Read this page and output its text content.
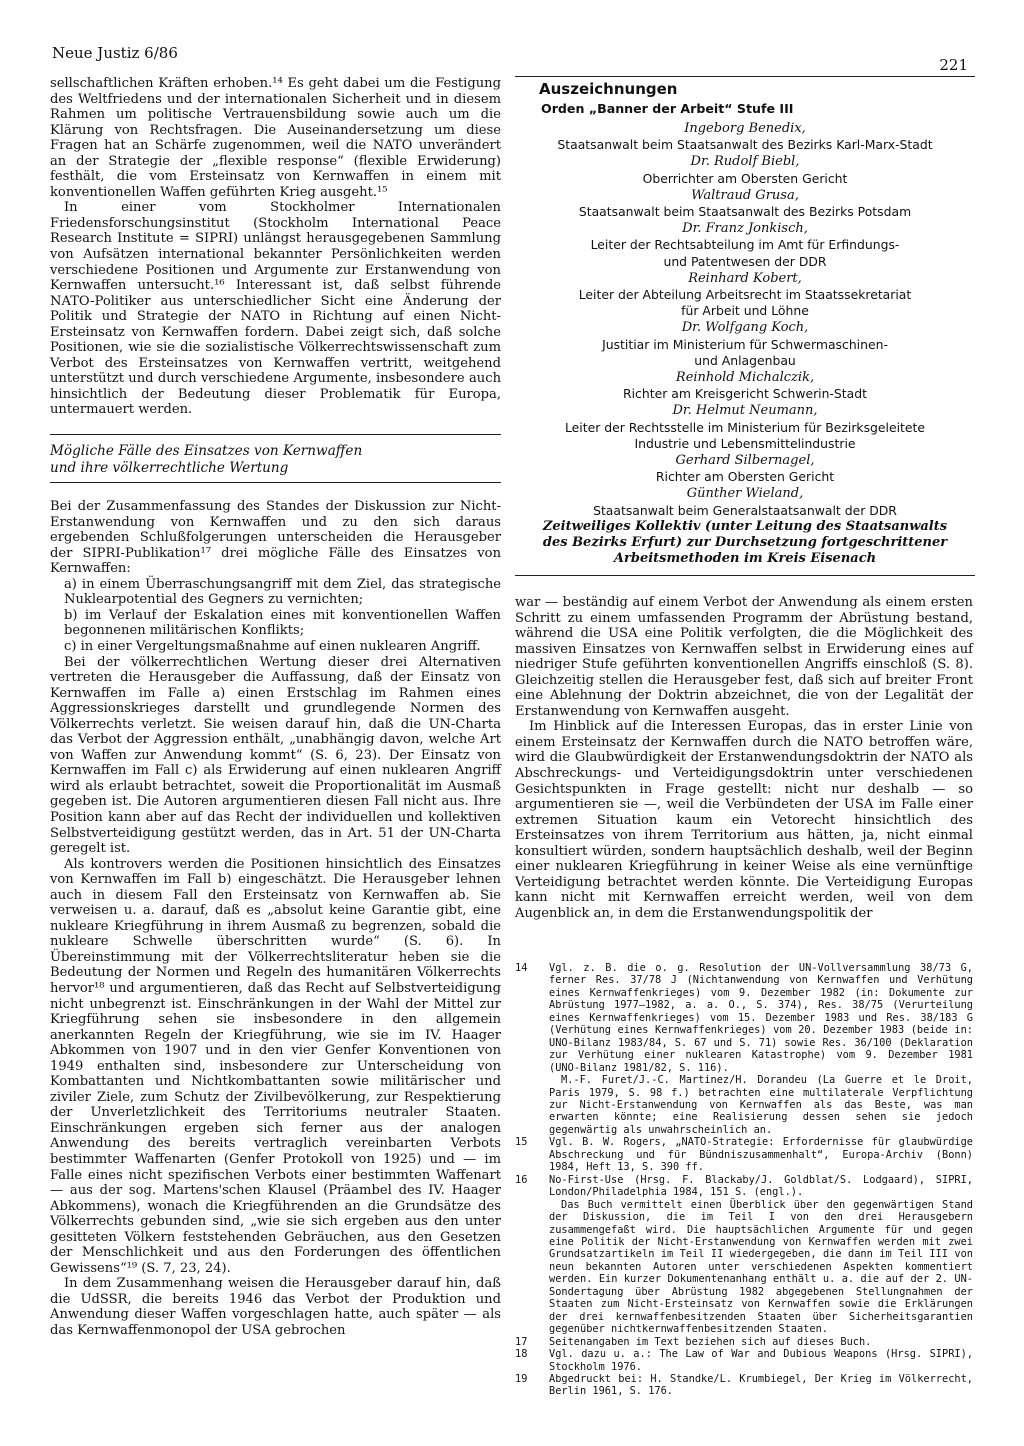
Neue Justiz 6/86
221

sellschaftlichen Kräften erhoben.¹⁴ Es geht dabei um die Festigung des Weltfriedens und der internationalen Sicherheit und in diesem Rahmen um politische Vertrauensbildung sowie auch um die Klärung von Rechtsfragen. Die Auseinandersetzung um diese Fragen hat an Schärfe zugenommen, weil die NATO unverändert an der Strategie der „flexible response“ (flexible Erwiderung) festhält, die vom Ersteinsatz von Kernwaffen in einem mit konventionellen Waffen geführten Krieg ausgeht.¹⁵

In einer vom Stockholmer Internationalen Friedensforschungsinstitut (Stockholm International Peace Research Institute = SIPRI) unlängst herausgegebenen Sammlung von Aufsätzen international bekannter Persönlichkeiten werden verschiedene Positionen und Argumente zur Erstanwendung von Kernwaffen untersucht.¹⁶ Interessant ist, daß selbst führende NATO-Politiker aus unterschiedlicher Sicht eine Änderung der Politik und Strategie der NATO in Richtung auf einen Nicht-Ersteinsatz von Kernwaffen fordern. Dabei zeigt sich, daß solche Positionen, wie sie die sozialistische Völkerrechtswissenschaft zum Verbot des Ersteinsatzes von Kernwaffen vertritt, weitgehend unterstützt und durch verschiedene Argumente, insbesondere auch hinsichtlich der Bedeutung dieser Problematik für Europa, untermauert werden.

Mögliche Fälle des Einsatzes von Kernwaffen
und ihre völkerrechtliche Wertung

Bei der Zusammenfassung des Standes der Diskussion zur Nicht-Erstanwendung von Kernwaffen und zu den sich daraus ergebenden Schlußfolgerungen unterscheiden die Herausgeber der SIPRI-Publikation¹⁷ drei mögliche Fälle des Einsatzes von Kernwaffen:

a) in einem Überraschungsangriff mit dem Ziel, das strategische Nuklearpotential des Gegners zu vernichten;

b) im Verlauf der Eskalation eines mit konventionellen Waffen begonnenen militärischen Konflikts;

c) in einer Vergeltungsmaßnahme auf einen nuklearen Angriff.

Bei der völkerrechtlichen Wertung dieser drei Alternativen vertreten die Herausgeber die Auffassung, daß der Einsatz von Kernwaffen im Falle a) einen Erstschlag im Rahmen eines Aggressionskrieges darstellt und grundlegende Normen des Völkerrechts verletzt. Sie weisen darauf hin, daß die UN-Charta das Verbot der Aggression enthält, „unabhängig davon, welche Art von Waffen zur Anwendung kommt“ (S. 6, 23). Der Einsatz von Kernwaffen im Fall c) als Erwiderung auf einen nuklearen Angriff wird als erlaubt betrachtet, soweit die Proportionalität im Ausmaß gegeben ist. Die Autoren argumentieren diesen Fall nicht aus. Ihre Position kann aber auf das Recht der individuellen und kollektiven Selbstverteidigung gestützt werden, das in Art. 51 der UN-Charta geregelt ist.

Als kontrovers werden die Positionen hinsichtlich des Einsatzes von Kernwaffen im Fall b) eingeschätzt. Die Herausgeber lehnen auch in diesem Fall den Ersteinsatz von Kernwaffen ab. Sie verweisen u. a. darauf, daß es „absolut keine Garantie gibt, eine nukleare Kriegführung in ihrem Ausmaß zu begrenzen, sobald die nukleare Schwelle überschritten wurde“ (S. 6). In Übereinstimmung mit der Völkerrechtsliteratur heben sie die Bedeutung der Normen und Regeln des humanitären Völkerrechts hervor¹⁸ und argumentieren, daß das Recht auf Selbstverteidigung nicht unbegrenzt ist. Einschränkungen in der Wahl der Mittel zur Kriegführung sehen sie insbesondere in den allgemein anerkannten Regeln der Kriegführung, wie sie im IV. Haager Abkommen von 1907 und in den vier Genfer Konventionen von 1949 enthalten sind, insbesondere zur Unterscheidung von Kombattanten und Nichtkombattanten sowie militärischer und ziviler Ziele, zum Schutz der Zivilbevölkerung, zur Respektierung der Unverletzlichkeit des Territoriums neutraler Staaten. Einschränkungen ergeben sich ferner aus der analogen Anwendung des bereits vertraglich vereinbarten Verbots bestimmter Waffenarten (Genfer Protokoll von 1925) und — im Falle eines nicht spezifischen Verbots einer bestimmten Waffenart — aus der sog. Martens'schen Klausel (Präambel des IV. Haager Abkommens), wonach die Kriegführenden an die Grundsätze des Völkerrechts gebunden sind, „wie sie sich ergeben aus den unter gesitteten Völkern feststehenden Gebräuchen, aus den Gesetzen der Menschlichkeit und aus den Forderungen des öffentlichen Gewissens“¹⁹ (S. 7, 23, 24).

In dem Zusammenhang weisen die Herausgeber darauf hin, daß die UdSSR, die bereits 1946 das Verbot der Produktion und Anwendung dieser Waffen vorgeschlagen hatte, auch später — als das Kernwaffenmonopol der USA gebrochen

Auszeichnungen
Orden „Banner der Arbeit“ Stufe III
Ingeborg Benedix,
Staatsanwalt beim Staatsanwalt des Bezirks Karl-Marx-Stadt
Dr. Rudolf Biebl,
Oberrichter am Obersten Gericht
Waltraud Grusa,
Staatsanwalt beim Staatsanwalt des Bezirks Potsdam
Dr. Franz Jonkisch,
Leiter der Rechtsabteilung im Amt für Erfindungs-
und Patentwesen der DDR
Reinhard Kobert,
Leiter der Abteilung Arbeitsrecht im Staatssekretariat
für Arbeit und Löhne
Dr. Wolfgang Koch,
Justitiar im Ministerium für Schwermaschinen-
und Anlagenbau
Reinhold Michalczik,
Richter am Kreisgericht Schwerin-Stadt
Dr. Helmut Neumann,
Leiter der Rechtsstelle im Ministerium für Bezirksgeleitete
Industrie und Lebensmittelindustrie
Gerhard Silbernagel,
Richter am Obersten Gericht
Günther Wieland,
Staatsanwalt beim Generalstaatsanwalt der DDR
Zeitweiliges Kollektiv (unter Leitung des Staatsanwalts des Bezirks Erfurt) zur Durchsetzung fortgeschrittener Arbeitsmethoden im Kreis Eisenach

war — beständig auf einem Verbot der Anwendung als einem ersten Schritt zu einem umfassenden Programm der Abrüstung bestand, während die USA eine Politik verfolgten, die die Möglichkeit des massiven Einsatzes von Kernwaffen selbst in Erwiderung eines auf niedriger Stufe geführten konventionellen Angriffs einschloß (S. 8). Gleichzeitig stellen die Herausgeber fest, daß sich auf breiter Front eine Ablehnung der Doktrin abzeichnet, die von der Legalität der Erstanwendung von Kernwaffen ausgeht.

Im Hinblick auf die Interessen Europas, das in erster Linie von einem Ersteinsatz der Kernwaffen durch die NATO betroffen wäre, wird die Glaubwürdigkeit der Erstanwendungsdoktrin der NATO als Abschreckungs- und Verteidigungsdoktrin unter verschiedenen Gesichtspunkten in Frage gestellt: nicht nur deshalb — so argumentieren sie —, weil die Verbündeten der USA im Falle einer extremen Situation kaum ein Vetorecht hinsichtlich des Ersteinsatzes von ihrem Territorium aus hätten, ja, nicht einmal konsultiert würden, sondern hauptsächlich deshalb, weil der Beginn einer nuklearen Kriegführung in keiner Weise als eine vernünftige Verteidigung betrachtet werden könnte. Die Verteidigung Europas kann nicht mit Kernwaffen erreicht werden, weil von dem Augenblick an, in dem die Erstanwendungspolitik der

14 Vgl. z. B. die o. g. Resolution der UN-Vollversammlung 38/73 G, ferner Res. 37/78 J (Nichtanwendung von Kernwaffen und Verhütung eines Kernwaffenkrieges) vom 9. Dezember 1982 (in: Dokumente zur Abrüstung 1977—1982, a. a. O., S. 374), Res. 38/75 (Verurteilung eines Kernwaffenkrieges) vom 15. Dezember 1983 und Res. 38/183 G (Verhütung eines Kernwaffenkrieges) vom 20. Dezember 1983 (beide in: UNO-Bilanz 1983/84, S. 67 und S. 71) sowie Res. 36/100 (Deklaration zur Verhütung einer nuklearen Katastrophe) vom 9. Dezember 1981 (UNO-Bilanz 1981/82, S. 116).
M.-F. Furet/J.-C. Martinez/H. Dorandeu (La Guerre et le Droit, Paris 1979, S. 98 f.) betrachten eine multilaterale Verpflichtung zur Nicht-Erstanwendung von Kernwaffen als das Beste, was man erwarten könnte; eine Realisierung dessen sehen sie jedoch gegenwärtig als unwahrscheinlich an.
15 Vgl. B. W. Rogers, „NATO-Strategie: Erfordernisse für glaubwürdige Abschreckung und für Bündniszusammenhalt“, Europa-Archiv (Bonn) 1984, Heft 13, S. 390 ff.
16 No-First-Use (Hrsg. F. Blackaby/J. Goldblat/S. Lodgaard), SIPRI, London/Philadelphia 1984, 151 S. (engl.).
Das Buch vermittelt einen Überblick über den gegenwärtigen Stand der Diskussion, die im Teil I von den drei Herausgebern zusammengefaßt wird. Die hauptsächlichen Argumente für und gegen eine Politik der Nicht-Erstanwendung von Kernwaffen werden mit zwei Grundsatzartikeln im Teil II wiedergegeben, die dann im Teil III von neun bekannten Autoren unter verschiedenen Aspekten kommentiert werden. Ein kurzer Dokumentenanhang enthält u. a. die auf der 2. UN-Sondertagung über Abrüstung 1982 abgegebenen Stellungnahmen der Staaten zum Nicht-Ersteinsatz von Kernwaffen sowie die Erklärungen der drei kernwaffenbesitzenden Staaten über Sicherheitsgarantien gegenüber nichtkernwaffenbesitzenden Staaten.
17 Seitenangaben im Text beziehen sich auf dieses Buch.
18 Vgl. dazu u. a.: The Law of War and Dubious Weapons (Hrsg. SIPRI), Stockholm 1976.
19 Abgedruckt bei: H. Standke/L. Krumbiegel, Der Krieg im Völkerrecht, Berlin 1961, S. 176.
